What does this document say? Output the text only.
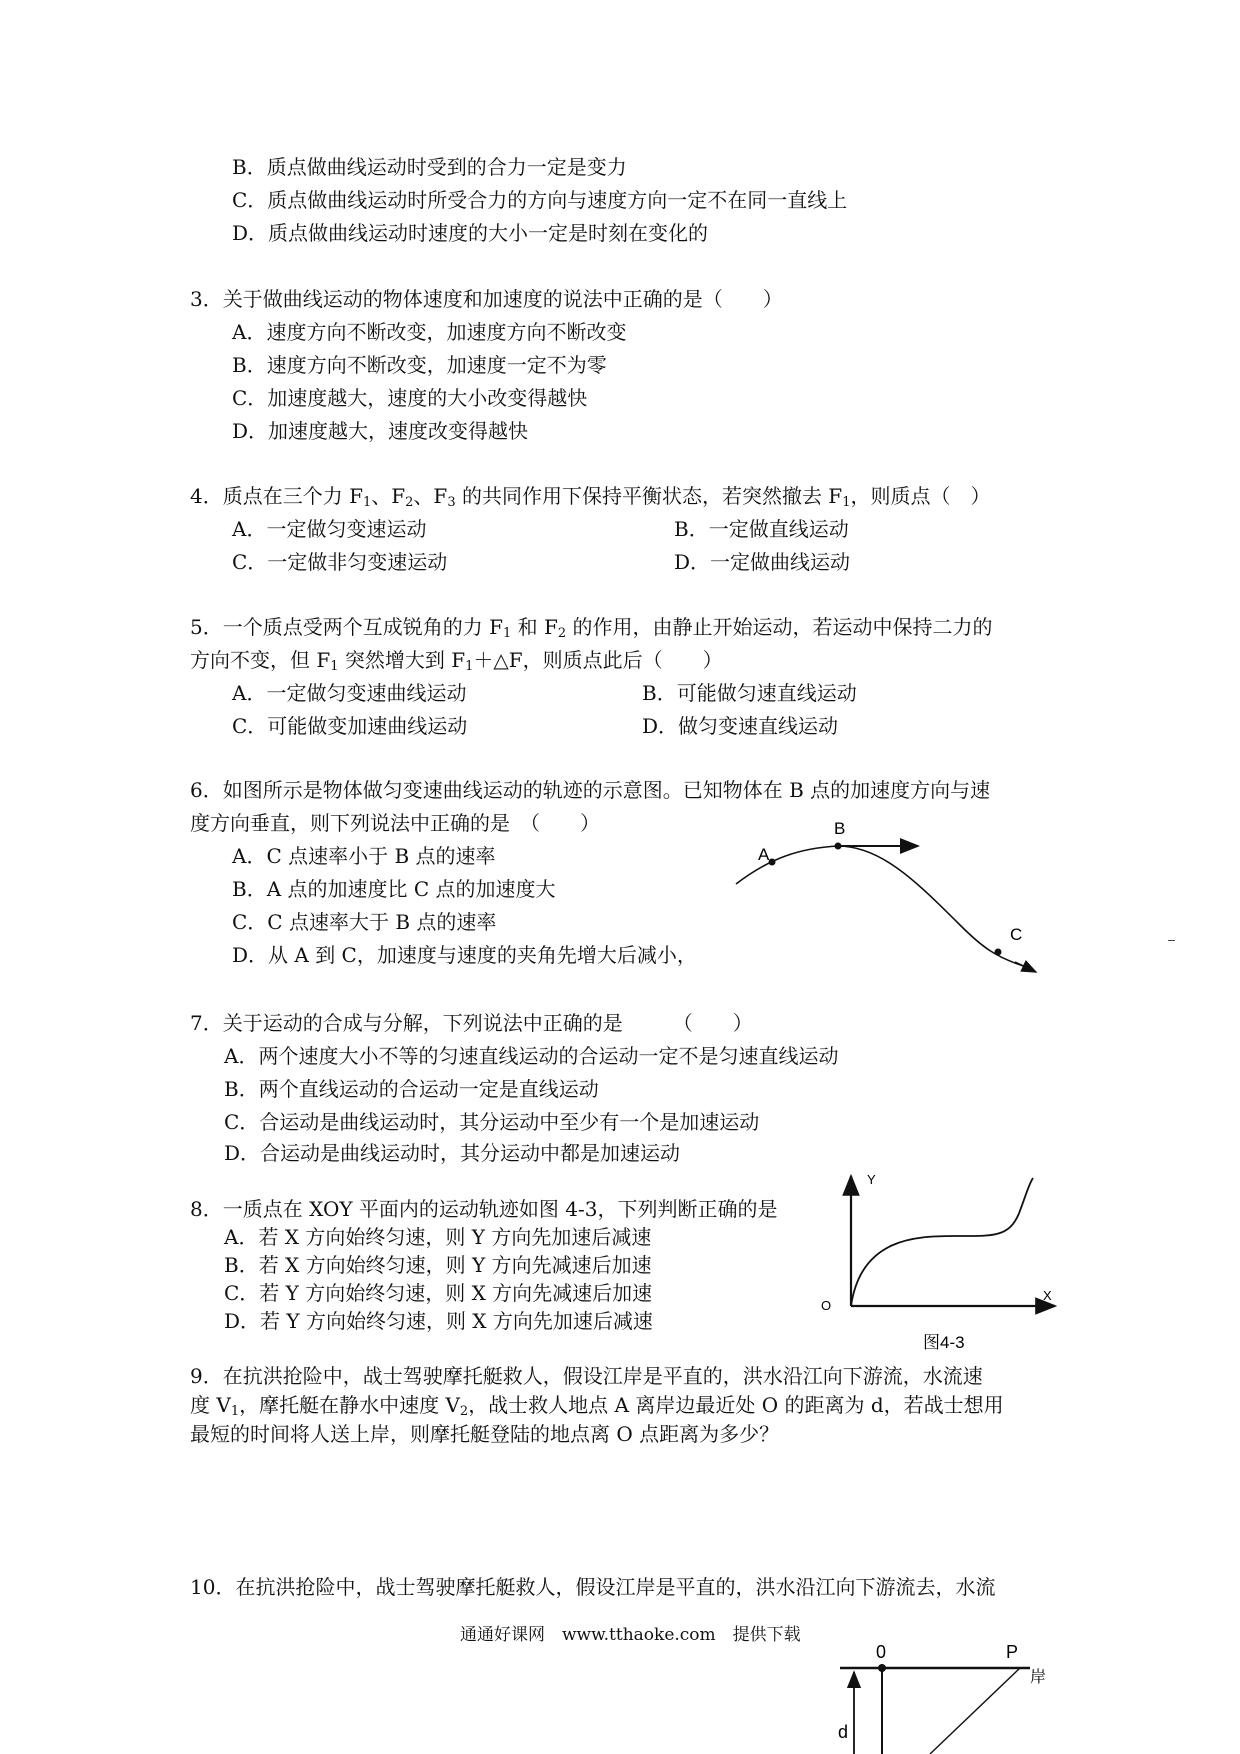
B．质点做曲线运动时受到的合力一定是变力
C．质点做曲线运动时所受合力的方向与速度方向一定不在同一直线上
D．质点做曲线运动时速度的大小一定是时刻在变化的
3．关于做曲线运动的物体速度和加速度的说法中正确的是（　　）
A．速度方向不断改变，加速度方向不断改变
B．速度方向不断改变，加速度一定不为零
C．加速度越大，速度的大小改变得越快
D．加速度越大，速度改变得越快
4．质点在三个力 $F_1$、$F_2$、$F_3$ 的共同作用下保持平衡状态，若突然撤去 $F_1$，则质点（　）
A．一定做匀变速运动	B．一定做直线运动
C．一定做非匀变速运动	D．一定做曲线运动
5．一个质点受两个互成锐角的力 $F_1$ 和 $F_2$ 的作用，由静止开始运动，若运动中保持二力的
方向不变，但 $F_1$ 突然增大到 $F_1+\triangle F$，则质点此后（　　）
A．一定做匀变速曲线运动	B．可能做匀速直线运动
C．可能做变加速曲线运动	D．做匀变速直线运动
6．如图所示是物体做匀变速曲线运动的轨迹的示意图。已知物体在 B 点的加速度方向与速
度方向垂直，则下列说法中正确的是　（　　）
A．C 点速率小于 B 点的速率
B．A 点的加速度比 C 点的加速度大
C．C 点速率大于 B 点的速率
D．从 A 到 C，加速度与速度的夹角先增大后减小，
A
B
C
7．关于运动的合成与分解，下列说法中正确的是　　　（　　）
A．两个速度大小不等的匀速直线运动的合运动一定不是匀速直线运动
B．两个直线运动的合运动一定是直线运动
C．合运动是曲线运动时，其分运动中至少有一个是加速运动
D．合运动是曲线运动时，其分运动中都是加速运动
8．一质点在 XOY 平面内的运动轨迹如图 4-3，下列判断正确的是
A．若 X 方向始终匀速，则 Y 方向先加速后减速
B．若 X 方向始终匀速，则 Y 方向先减速后加速
C．若 Y 方向始终匀速，则 X 方向先减速后加速
D．若 Y 方向始终匀速，则 X 方向先加速后减速
Y
X
O
图4-3
9．在抗洪抢险中，战士驾驶摩托艇救人，假设江岸是平直的，洪水沿江向下游流，水流速
度 $V_1$，摩托艇在静水中速度 $V_2$，战士救人地点 A 离岸边最近处 O 的距离为 d，若战士想用
最短的时间将人送上岸，则摩托艇登陆的地点离 O 点距离为多少？
10．在抗洪抢险中，战士驾驶摩托艇救人，假设江岸是平直的，洪水沿江向下游流去，水流
通通好课网　www.tthaoke.com　提供下载
0	P
岸
d
